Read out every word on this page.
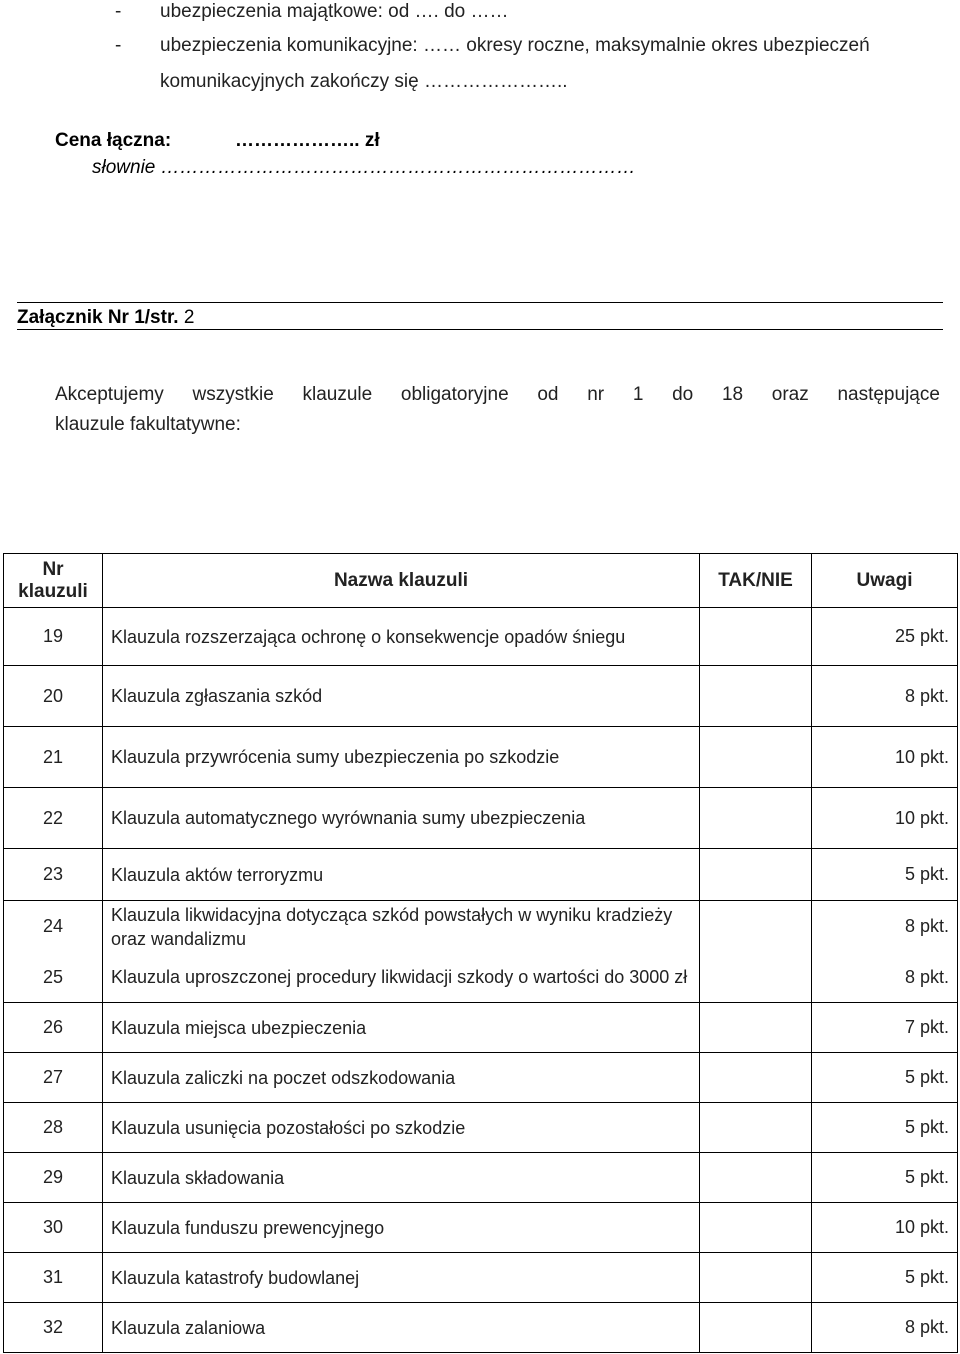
- ubezpieczenia majątkowe: od …. do ……
- ubezpieczenia komunikacyjne: …… okresy roczne, maksymalnie okres ubezpieczeń
komunikacyjnych zakończy się …………………..
Cena łączna:	……………….. zł
słownie …………………………………………………………………
Załącznik Nr 1/str. 2
Akceptujemy wszystkie klauzule obligatoryjne od nr 1 do 18 oraz następujące
klauzule fakultatywne:
Nr klauzuli	Nazwa klauzuli	TAK/NIE	Uwagi
19	Klauzula rozszerzająca ochronę o konsekwencje opadów śniegu		25 pkt.
20	Klauzula zgłaszania szkód		8 pkt.
21	Klauzula przywrócenia sumy ubezpieczenia po szkodzie		10 pkt.
22	Klauzula automatycznego wyrównania sumy ubezpieczenia		10 pkt.
23	Klauzula aktów terroryzmu		5 pkt.
24	Klauzula likwidacyjna dotycząca szkód powstałych w wyniku kradzieży oraz wandalizmu		8 pkt.
25	Klauzula uproszczonej procedury likwidacji szkody o wartości do 3000 zł		8 pkt.
26	Klauzula miejsca ubezpieczenia		7 pkt.
27	Klauzula zaliczki na poczet odszkodowania		5 pkt.
28	Klauzula usunięcia pozostałości po szkodzie		5 pkt.
29	Klauzula składowania		5 pkt.
30	Klauzula funduszu prewencyjnego		10 pkt.
31	Klauzula katastrofy budowlanej		5 pkt.
32	Klauzula zalaniowa		8 pkt.
